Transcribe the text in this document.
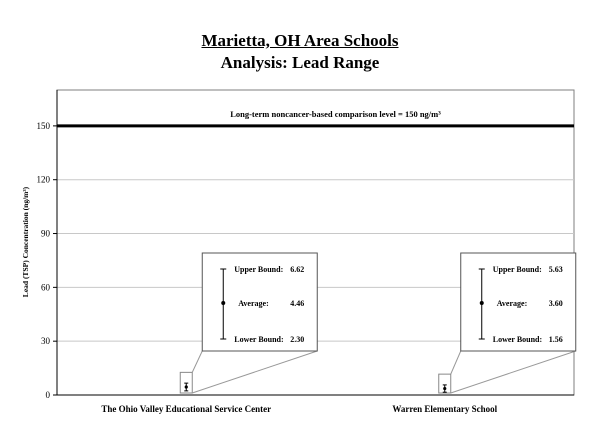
Marietta, OH Area Schools
Analysis: Lead Range
0
30
60
90
120
150
Lead (TSP) Concentration (ng/m³)
Long-term noncancer-based comparison level = 150 ng/m³
The Ohio Valley Educational Service Center	Warren Elementary School
Upper Bound: 6.62
Average:	4.46
Lower Bound: 2.30
Upper Bound: 5.63
Average:	3.60
Lower Bound: 1.56
